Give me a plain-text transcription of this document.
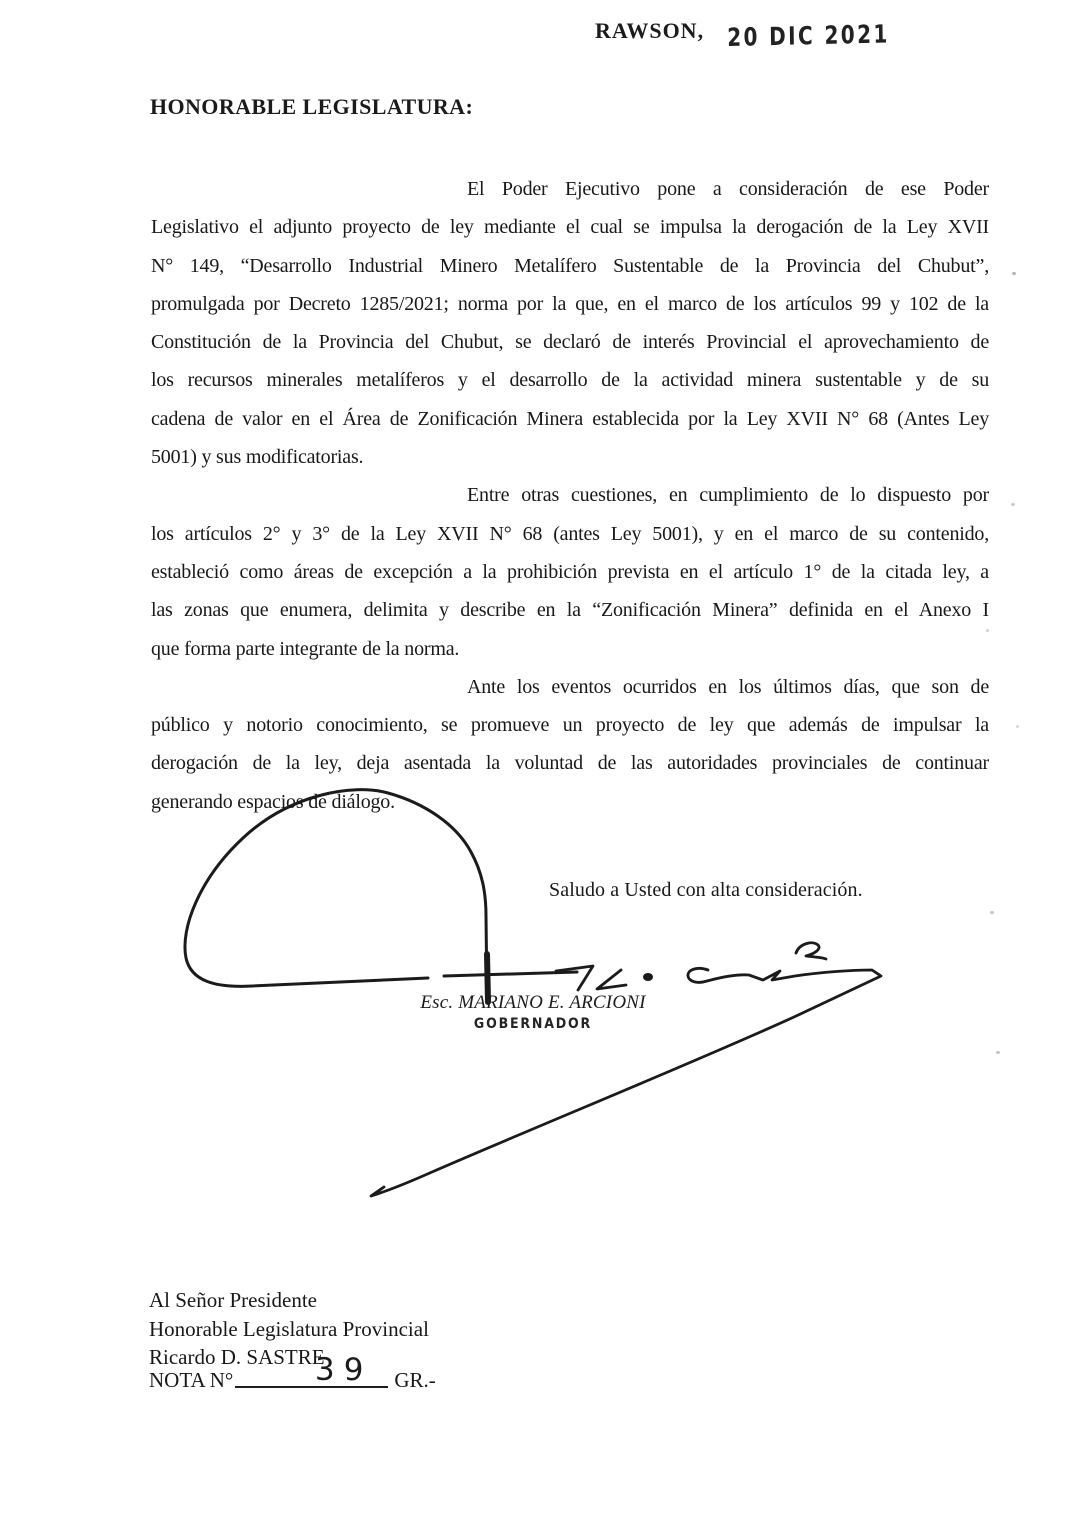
RAWSON, 20 DIC 2021
HONORABLE LEGISLATURA:
El Poder Ejecutivo pone a consideración de ese Poder
Legislativo el adjunto proyecto de ley mediante el cual se impulsa la derogación de la Ley XVII
N° 149, “Desarrollo Industrial Minero Metalífero Sustentable de la Provincia del Chubut”,
promulgada por Decreto 1285/2021; norma por la que, en el marco de los artículos 99 y 102 de la
Constitución de la Provincia del Chubut, se declaró de interés Provincial el aprovechamiento de
los recursos minerales metalíferos y el desarrollo de la actividad minera sustentable y de su
cadena de valor en el Área de Zonificación Minera establecida por la Ley XVII N° 68 (Antes Ley
5001) y sus modificatorias.
Entre otras cuestiones, en cumplimiento de lo dispuesto por
los artículos 2° y 3° de la Ley XVII N° 68 (antes Ley 5001), y en el marco de su contenido,
estableció como áreas de excepción a la prohibición prevista en el artículo 1° de la citada ley, a
las zonas que enumera, delimita y describe en la “Zonificación Minera” definida en el Anexo I
que forma parte integrante de la norma.
Ante los eventos ocurridos en los últimos días, que son de
público y notorio conocimiento, se promueve un proyecto de ley que además de impulsar la
derogación de la ley, deja asentada la voluntad de las autoridades provinciales de continuar
generando espacios de diálogo.
Saludo a Usted con alta consideración.
Esc. MARIANO E. ARCIONI
GOBERNADOR
Al Señor Presidente
Honorable Legislatura Provincial
Ricardo D. SASTRE
NOTA N°	39 GR.-
